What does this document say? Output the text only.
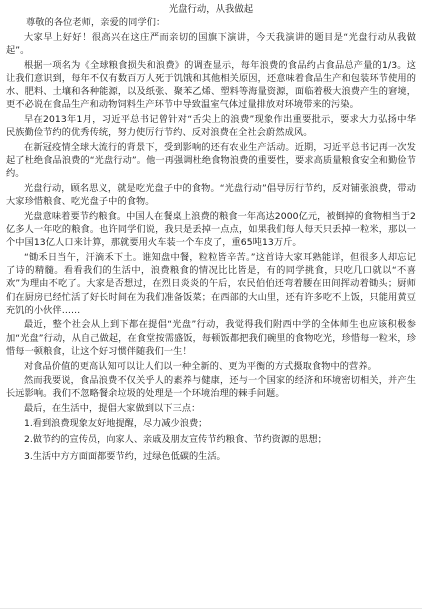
光盘行动，从我做起
尊敬的各位老师，亲爱的同学们：
大家早上好好！很高兴在这庄严而亲切的国旗下演讲，今天我演讲的题目是“光盘行动从我做起”。
根据一项名为《全球粮食损失和浪费》的调查显示，每年浪费的食品约占食品总产量的1/3。这让我们意识到，每年不仅有数百万人死于饥饿和其他相关原因，还意味着食品生产和包装环节使用的水、肥料、土壤和各种能源，以及纸张、聚苯乙烯、塑料等海量资源，面临着极大浪费产生的窘境，更不必说在食品生产和动物饲料生产环节中导致温室气体过量排放对环境带来的污染。
早在2013年1月，习近平总书记曾针对“舌尖上的浪费”现象作出重要批示，要求大力弘扬中华民族勤俭节约的优秀传统，努力使厉行节约、反对浪费在全社会蔚然成风。
在新冠疫情全球大流行的背景下，受到影响的还有农业生产活动。近期，习近平总书记再一次发起了杜绝食品浪费的“光盘行动”。他一再强调杜绝食物浪费的重要性，要求高质量粮食安全和勤俭节约。
光盘行动，顾名思义，就是吃光盘子中的食物。“光盘行动”倡导厉行节约，反对铺张浪费，带动大家珍惜粮食、吃光盘子中的食物。
光盘意味着要节约粮食。中国人在餐桌上浪费的粮食一年高达2000亿元，被倒掉的食物相当于2亿多人一年吃的粮食。也许同学们说，我只是丢掉一点点，如果我们每人每天只丢掉一粒米，那以一个中国13亿人口来计算，那就要用火车装一个车皮了，重65吨13万斤。
“锄禾日当午，汗滴禾下土。谁知盘中餐，粒粒皆辛苦。”这首诗大家耳熟能详，但很多人却忘记了诗的精髓。看看我们的生活中，浪费粮食的情况比比皆是，有的同学挑食，只吃几口就以“不喜欢”为理由不吃了。大家是否想过，在烈日炎炎的午后，农民伯伯还弯着腰在田间挥动着锄头；厨师们在厨房已经忙活了好长时间在为我们准备饭菜；在西部的大山里，还有许多吃不上饭，只能用黄豆充饥的小伙伴……
最近，整个社会从上到下都在提倡“光盘”行动，我觉得我们附西中学的全体师生也应该积极参加“光盘”行动，从自己做起，在食堂按需盛饭，每顿饭都把我们碗里的食物吃光，珍惜每一粒米，珍惜每一顿粮食，让这个好习惯伴随我们一生！
对食品价值的更高认知可以让人们以一种全新的、更为平衡的方式摄取食物中的营养。
然而我要说，食品浪费不仅关乎人的素养与健康，还与一个国家的经济和环境密切相关，并产生长远影响。我们不忽略餐余垃圾的处理是一个环境治理的棘手问题。
最后，在生活中，提倡大家做到以下三点：
1.看到浪费现象友好地提醒，尽力减少浪费；
2.做节约的宣传员，向家人、亲戚及朋友宣传节约粮食、节约资源的思想；
3.生活中方方面面都要节约，过绿色低碳的生活。
